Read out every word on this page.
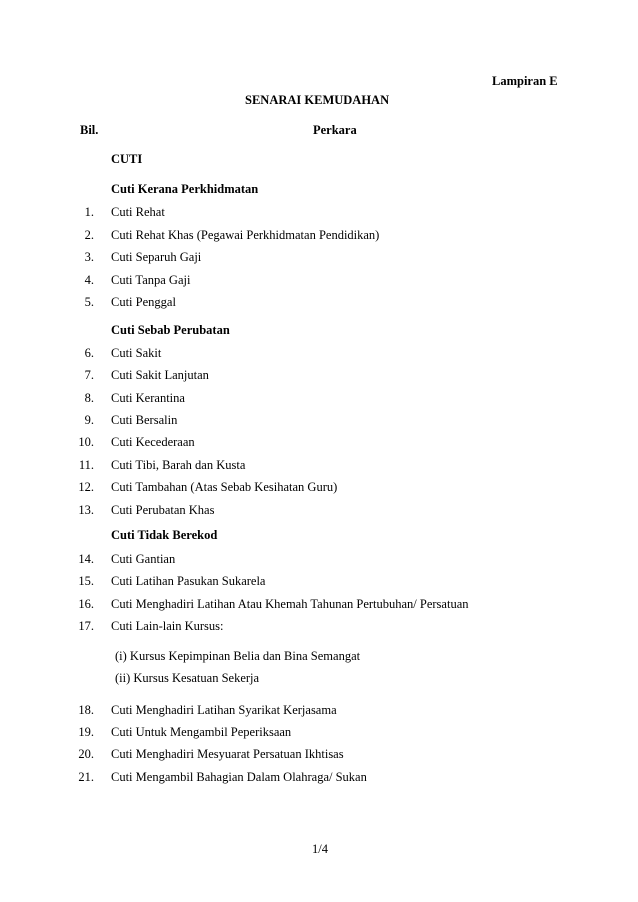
Lampiran E
SENARAI KEMUDAHAN
Bil.	Perkara
CUTI
Cuti Kerana Perkhidmatan
1. Cuti Rehat
2. Cuti Rehat Khas (Pegawai Perkhidmatan Pendidikan)
3. Cuti Separuh Gaji
4. Cuti Tanpa Gaji
5. Cuti Penggal
Cuti Sebab Perubatan
6. Cuti Sakit
7. Cuti Sakit Lanjutan
8. Cuti Kerantina
9. Cuti Bersalin
10. Cuti Kecederaan
11. Cuti Tibi, Barah dan Kusta
12. Cuti Tambahan (Atas Sebab Kesihatan Guru)
13. Cuti Perubatan Khas
Cuti Tidak Berekod
14. Cuti Gantian
15. Cuti Latihan Pasukan Sukarela
16. Cuti Menghadiri Latihan Atau Khemah Tahunan Pertubuhan/ Persatuan
17. Cuti Lain-lain Kursus:
(i) Kursus Kepimpinan Belia dan Bina Semangat
(ii) Kursus Kesatuan Sekerja
18. Cuti Menghadiri Latihan Syarikat Kerjasama
19. Cuti Untuk Mengambil Peperiksaan
20. Cuti Menghadiri Mesyuarat Persatuan Ikhtisas
21. Cuti Mengambil Bahagian Dalam Olahraga/ Sukan
1/4
